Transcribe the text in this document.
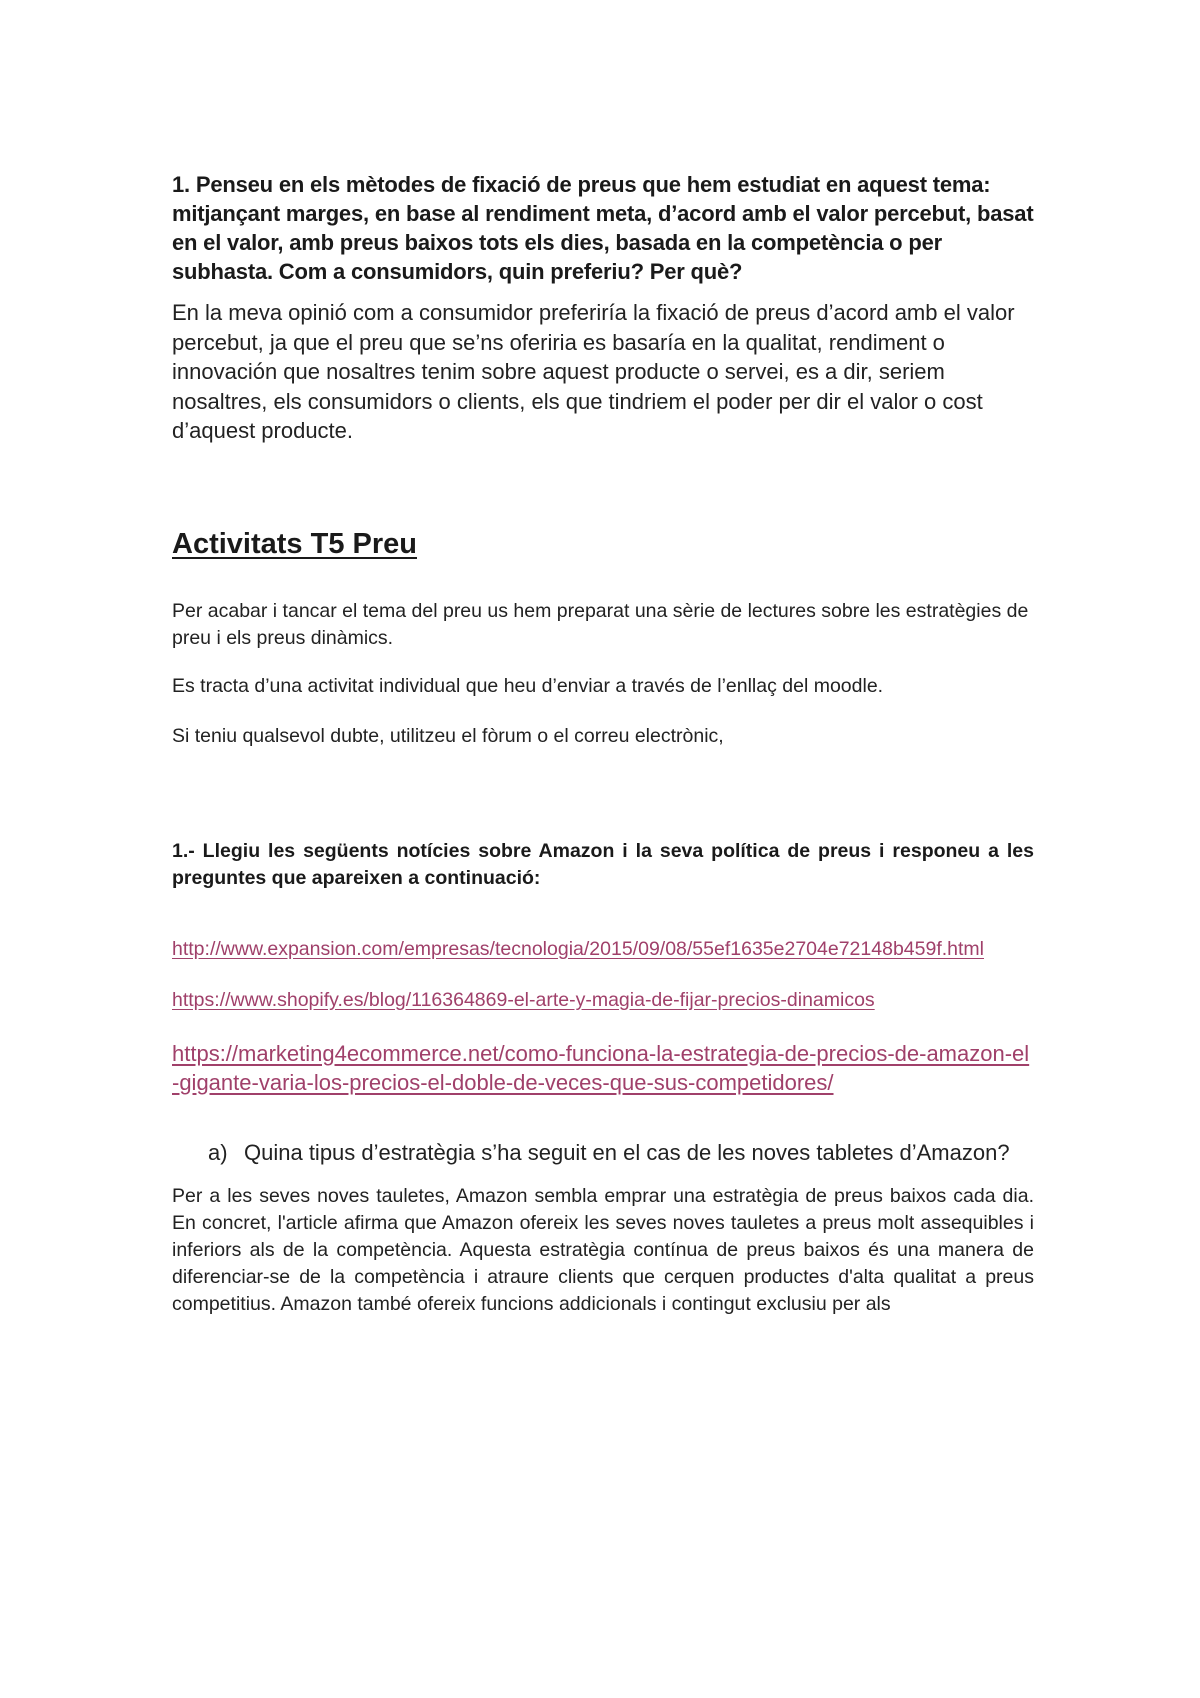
1. Penseu en els mètodes de fixació de preus que hem estudiat en aquest tema: mitjançant marges, en base al rendiment meta, d’acord amb el valor percebut, basat en el valor, amb preus baixos tots els dies, basada en la competència o per subhasta. Com a consumidors, quin preferiu? Per què?

En la meva opinió com a consumidor preferiría la fixació de preus d’acord amb el valor percebut, ja que el preu que se’ns oferiria es basaría en la qualitat, rendiment o innovación que nosaltres tenim sobre aquest producte o servei, es a dir, seriem nosaltres, els consumidors o clients, els que tindriem el poder per dir el valor o cost d’aquest producte.

Activitats T5 Preu

Per acabar i tancar el tema del preu us hem preparat una sèrie de lectures sobre les estratègies de preu i els preus dinàmics.

Es tracta d’una activitat individual que heu d’enviar a través de l’enllaç del moodle.

Si teniu qualsevol dubte, utilitzeu el fòrum o el correu electrònic,

1.- Llegiu les següents notícies sobre Amazon i la seva política de preus i responeu a les preguntes que apareixen a continuació:

http://www.expansion.com/empresas/tecnologia/2015/09/08/55ef1635e2704e72148b459f.html
https://www.shopify.es/blog/116364869-el-arte-y-magia-de-fijar-precios-dinamicos
https://marketing4ecommerce.net/como-funciona-la-estrategia-de-precios-de-amazon-el-gigante-varia-los-precios-el-doble-de-veces-que-sus-competidores/
a) Quina tipus d’estratègia s’ha seguit en el cas de les noves tabletes d’Amazon?

Per a les seves noves tauletes, Amazon sembla emprar una estratègia de preus baixos cada dia. En concret, l'article afirma que Amazon ofereix les seves noves tauletes a preus molt assequibles i inferiors als de la competència. Aquesta estratègia contínua de preus baixos és una manera de diferenciar-se de la competència i atraure clients que cerquen productes d'alta qualitat a preus competitius. Amazon també ofereix funcions addicionals i contingut exclusiu per als
